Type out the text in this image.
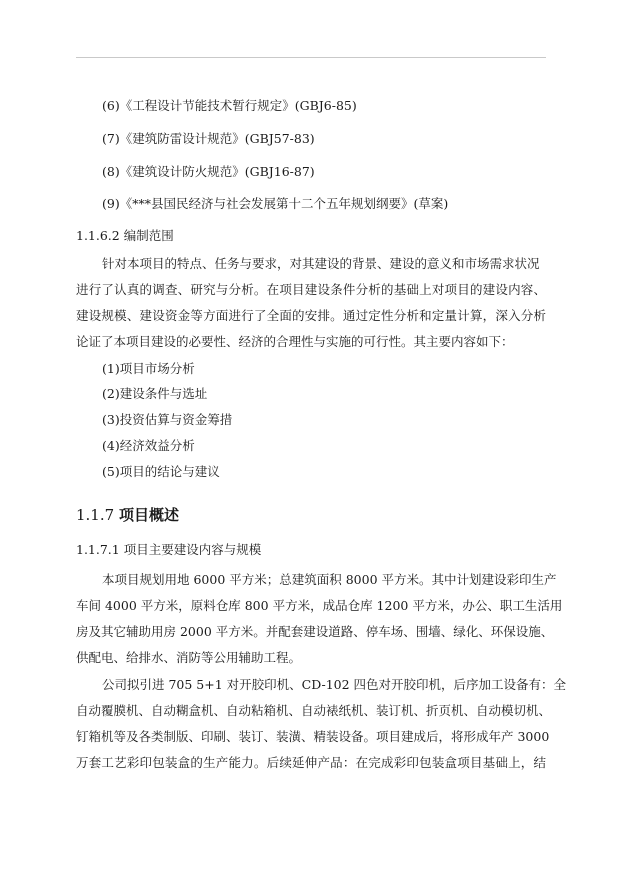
(6)《工程设计节能技术暂行规定》(GBJ6-85)
(7)《建筑防雷设计规范》(GBJ57-83)
(8)《建筑设计防火规范》(GBJ16-87)
(9)《***县国民经济与社会发展第十二个五年规划纲要》(草案)
1.1.6.2 编制范围
针对本项目的特点、任务与要求，对其建设的背景、建设的意义和市场需求状况
进行了认真的调查、研究与分析。在项目建设条件分析的基础上对项目的建设内容、
建设规模、建设资金等方面进行了全面的安排。通过定性分析和定量计算，深入分析
论证了本项目建设的必要性、经济的合理性与实施的可行性。其主要内容如下：
(1)项目市场分析
(2)建设条件与选址
(3)投资估算与资金筹措
(4)经济效益分析
(5)项目的结论与建议
1.1.7 项目概述
1.1.7.1 项目主要建设内容与规模
本项目规划用地 6000 平方米；总建筑面积 8000 平方米。其中计划建设彩印生产
车间 4000 平方米，原料仓库 800 平方米，成品仓库 1200 平方米，办公、职工生活用
房及其它辅助用房 2000 平方米。并配套建设道路、停车场、围墙、绿化、环保设施、
供配电、给排水、消防等公用辅助工程。
公司拟引进 705 5+1 对开胶印机、CD-102 四色对开胶印机，后序加工设备有：全
自动覆膜机、自动糊盒机、自动粘箱机、自动裱纸机、装订机、折页机、自动模切机、
钉箱机等及各类制版、印刷、装订、装潢、精装设备。项目建成后，将形成年产 3000
万套工艺彩印包装盒的生产能力。后续延伸产品：在完成彩印包装盒项目基础上，结
